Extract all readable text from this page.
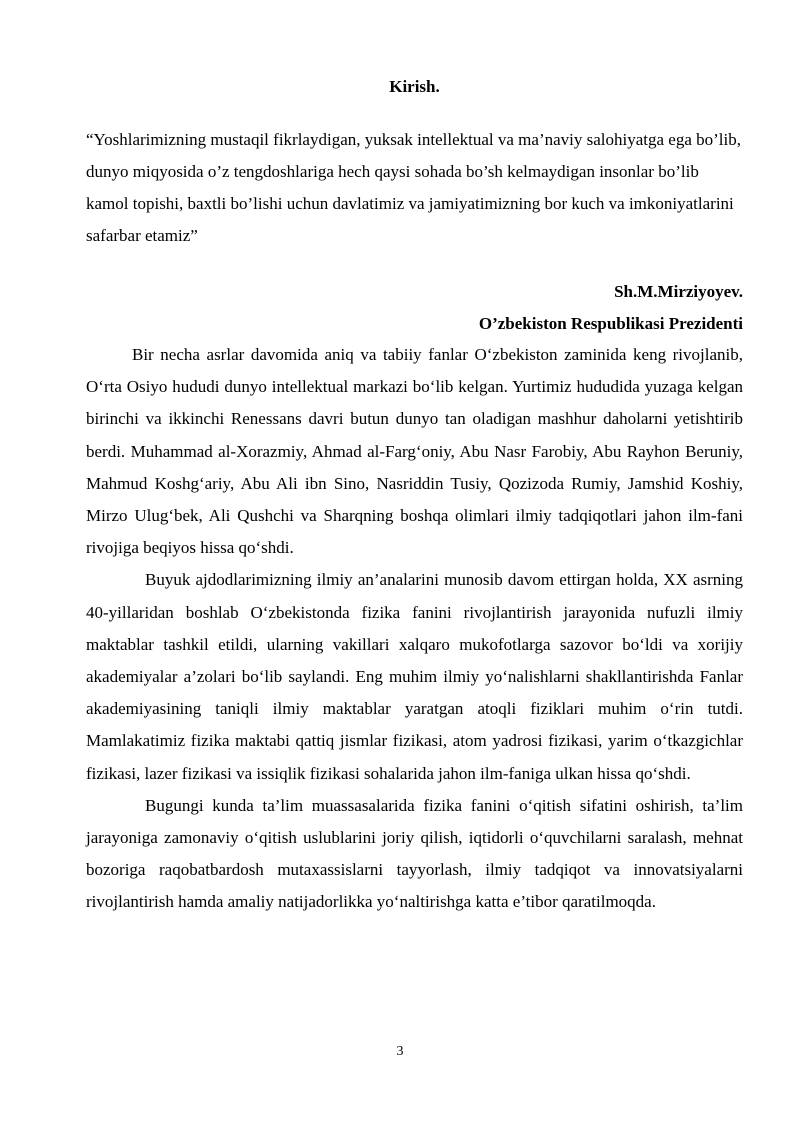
Kirish.
“Yoshlarimizning mustaqil fikrlaydigan, yuksak intellektual va ma’naviy salohiyatga ega bo’lib, dunyo miqyosida o’z tengdoshlariga hech qaysi sohada bo’sh kelmaydigan insonlar bo’lib kamol topishi, baxtli bo’lishi uchun davlatimiz va jamiyatimizning bor kuch va imkoniyatlarini safarbar etamiz”
Sh.M.Mirziyoyev.
O’zbekiston Respublikasi Prezidenti

Bir necha asrlar davomida aniq va tabiiy fanlar O‘zbekiston zaminida keng rivojlanib, O‘rta Osiyo hududi dunyo intellektual markazi bo‘lib kelgan. Yurtimiz hududida yuzaga kelgan birinchi va ikkinchi Renessans davri butun dunyo tan oladigan mashhur daholarni yetishtirib berdi. Muhammad al-Xorazmiy, Ahmad al-Farg‘oniy, Abu Nasr Farobiy, Abu Rayhon Beruniy, Mahmud Koshg‘ariy, Abu Ali ibn Sino, Nasriddin Tusiy, Qozizoda Rumiy, Jamshid Koshiy, Mirzo Ulug‘bek, Ali Qushchi va Sharqning boshqa olimlari ilmiy tadqiqotlari jahon ilm-fani rivojiga beqiyos hissa qo‘shdi.

Buyuk ajdodlarimizning ilmiy an’analarini munosib davom ettirgan holda, XX asrning 40-yillaridan boshlab O‘zbekistonda fizika fanini rivojlantirish jarayonida nufuzli ilmiy maktablar tashkil etildi, ularning vakillari xalqaro mukofotlarga sazovor bo‘ldi va xorijiy akademiyalar a’zolari bo‘lib saylandi. Eng muhim ilmiy yo‘nalishlarni shakllantirishda Fanlar akademiyasining taniqli ilmiy maktablar yaratgan atoqli fiziklari muhim o‘rin tutdi. Mamlakatimiz fizika maktabi qattiq jismlar fizikasi, atom yadrosi fizikasi, yarim o‘tkazgichlar fizikasi, lazer fizikasi va issiqlik fizikasi sohalarida jahon ilm-faniga ulkan hissa qo‘shdi.

Bugungi kunda ta’lim muassasalarida fizika fanini o‘qitish sifatini oshirish, ta’lim jarayoniga zamonaviy o‘qitish uslublarini joriy qilish, iqtidorli o‘quvchilarni saralash, mehnat bozoriga raqobatbardosh mutaxassislarni tayyorlash, ilmiy tadqiqot va innovatsiyalarni rivojlantirish hamda amaliy natijadorlikka yo‘naltirishga katta e’tibor qaratilmoqda.

3
